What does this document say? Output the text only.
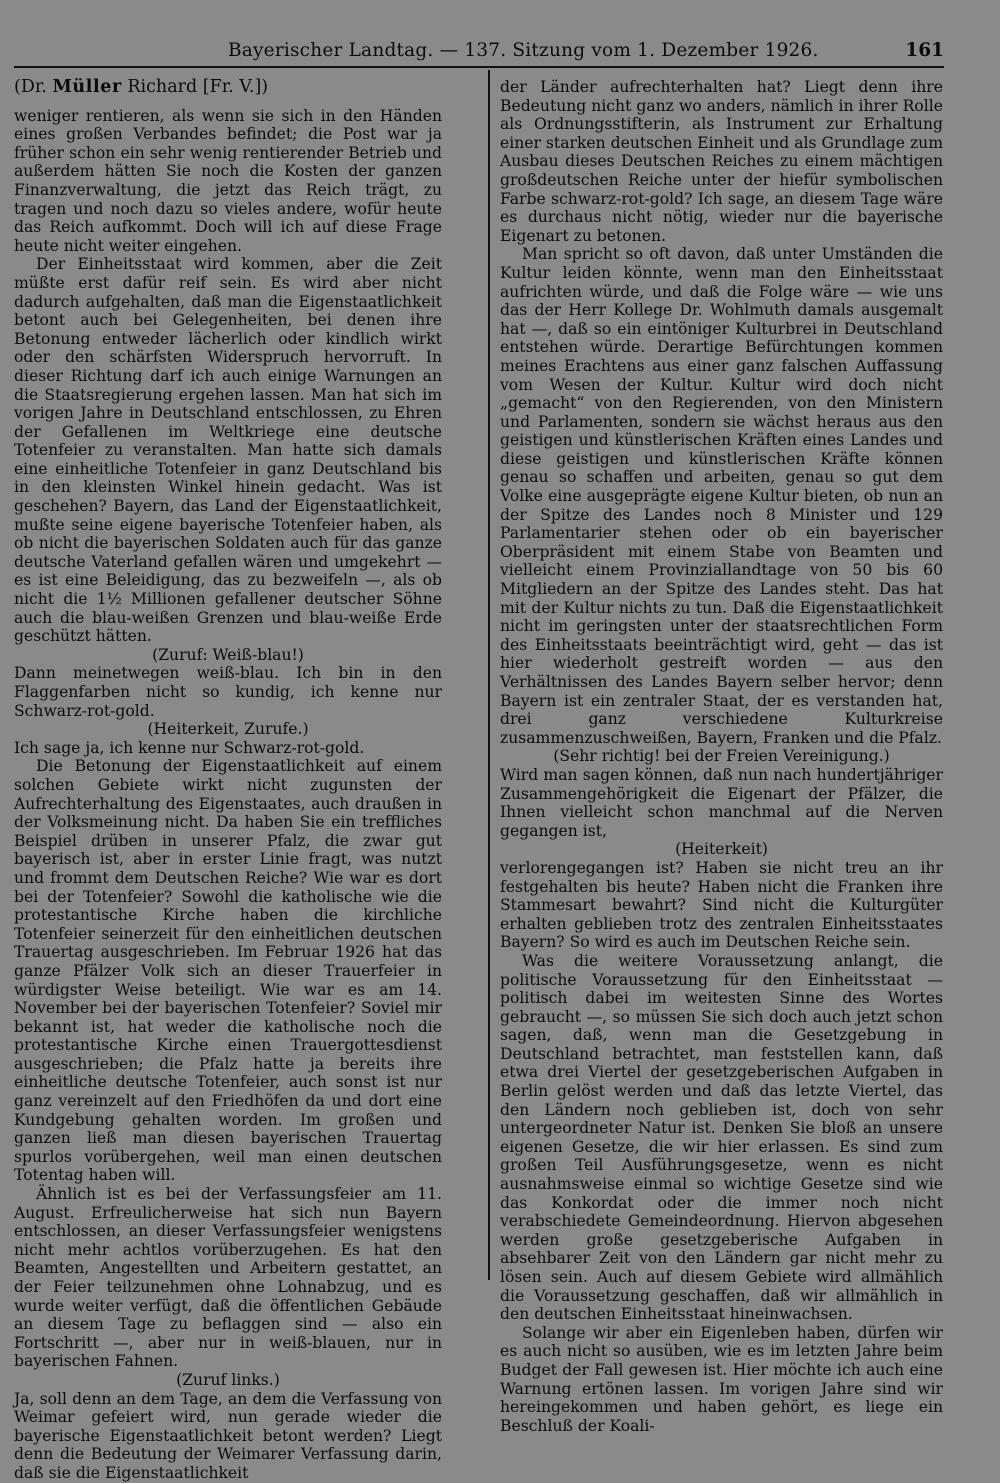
Bayerischer Landtag. — 137. Sitzung vom 1. Dezember 1926.	161

(Dr. Müller Richard [Fr. V.])

weniger rentieren, als wenn sie sich in den Händen eines großen Verbandes befindet; die Post war ja früher schon ein sehr wenig rentierender Betrieb und außerdem hätten Sie noch die Kosten der ganzen Finanzverwaltung, die jetzt das Reich trägt, zu tragen und noch dazu so vieles andere, wofür heute das Reich aufkommt. Doch will ich auf diese Frage heute nicht weiter eingehen.

Der Einheitsstaat wird kommen, aber die Zeit müßte erst dafür reif sein. Es wird aber nicht dadurch aufgehalten, daß man die Eigenstaatlichkeit betont auch bei Gelegenheiten, bei denen ihre Betonung entweder lächerlich oder kindlich wirkt oder den schärfsten Widerspruch hervorruft. In dieser Richtung darf ich auch einige Warnungen an die Staatsregierung ergehen lassen. Man hat sich im vorigen Jahre in Deutschland entschlossen, zu Ehren der Gefallenen im Weltkriege eine deutsche Totenfeier zu veranstalten. Man hatte sich damals eine einheitliche Totenfeier in ganz Deutschland bis in den kleinsten Winkel hinein gedacht. Was ist geschehen? Bayern, das Land der Eigenstaatlichkeit, mußte seine eigene bayerische Totenfeier haben, als ob nicht die bayerischen Soldaten auch für das ganze deutsche Vaterland gefallen wären und umgekehrt — es ist eine Beleidigung, das zu bezweifeln —, als ob nicht die 1½ Millionen gefallener deutscher Söhne auch die blau-weißen Grenzen und blau-weiße Erde geschützt hätten.

(Zuruf: Weiß-blau!)

Dann meinetwegen weiß-blau. Ich bin in den Flaggenfarben nicht so kundig, ich kenne nur Schwarz-rot-gold.

(Heiterkeit, Zurufe.)

Ich sage ja, ich kenne nur Schwarz-rot-gold.

Die Betonung der Eigenstaatlichkeit auf einem solchen Gebiete wirkt nicht zugunsten der Aufrechterhaltung des Eigenstaates, auch draußen in der Volksmeinung nicht. Da haben Sie ein treffliches Beispiel drüben in unserer Pfalz, die zwar gut bayerisch ist, aber in erster Linie fragt, was nutzt und frommt dem Deutschen Reiche? Wie war es dort bei der Totenfeier? Sowohl die katholische wie die protestantische Kirche haben die kirchliche Totenfeier seinerzeit für den einheitlichen deutschen Trauertag ausgeschrieben. Im Februar 1926 hat das ganze Pfälzer Volk sich an dieser Trauerfeier in würdigster Weise beteiligt. Wie war es am 14. November bei der bayerischen Totenfeier? Soviel mir bekannt ist, hat weder die katholische noch die protestantische Kirche einen Trauergottesdienst ausgeschrieben; die Pfalz hatte ja bereits ihre einheitliche deutsche Totenfeier, auch sonst ist nur ganz vereinzelt auf den Friedhöfen da und dort eine Kundgebung gehalten worden. Im großen und ganzen ließ man diesen bayerischen Trauertag spurlos vorübergehen, weil man einen deutschen Totentag haben will.

Ähnlich ist es bei der Verfassungsfeier am 11. August. Erfreulicherweise hat sich nun Bayern entschlossen, an dieser Verfassungsfeier wenigstens nicht mehr achtlos vorüberzugehen. Es hat den Beamten, Angestellten und Arbeitern gestattet, an der Feier teilzunehmen ohne Lohnabzug, und es wurde weiter verfügt, daß die öffentlichen Gebäude an diesem Tage zu beflaggen sind — also ein Fortschritt —, aber nur in weiß-blauen, nur in bayerischen Fahnen.

(Zuruf links.)

Ja, soll denn an dem Tage, an dem die Verfassung von Weimar gefeiert wird, nun gerade wieder die bayerische Eigenstaatlichkeit betont werden? Liegt denn die Bedeutung der Weimarer Verfassung darin, daß sie die Eigenstaatlichkeit

der Länder aufrechterhalten hat? Liegt denn ihre Bedeutung nicht ganz wo anders, nämlich in ihrer Rolle als Ordnungsstifterin, als Instrument zur Erhaltung einer starken deutschen Einheit und als Grundlage zum Ausbau dieses Deutschen Reiches zu einem mächtigen großdeutschen Reiche unter der hiefür symbolischen Farbe schwarz-rot-gold? Ich sage, an diesem Tage wäre es durchaus nicht nötig, wieder nur die bayerische Eigenart zu betonen.

Man spricht so oft davon, daß unter Umständen die Kultur leiden könnte, wenn man den Einheitsstaat aufrichten würde, und daß die Folge wäre — wie uns das der Herr Kollege Dr. Wohlmuth damals ausgemalt hat —, daß so ein eintöniger Kulturbrei in Deutschland entstehen würde. Derartige Befürchtungen kommen meines Erachtens aus einer ganz falschen Auffassung vom Wesen der Kultur. Kultur wird doch nicht „gemacht“ von den Regierenden, von den Ministern und Parlamenten, sondern sie wächst heraus aus den geistigen und künstlerischen Kräften eines Landes und diese geistigen und künstlerischen Kräfte können genau so schaffen und arbeiten, genau so gut dem Volke eine ausgeprägte eigene Kultur bieten, ob nun an der Spitze des Landes noch 8 Minister und 129 Parlamentarier stehen oder ob ein bayerischer Oberpräsident mit einem Stabe von Beamten und vielleicht einem Provinziallandtage von 50 bis 60 Mitgliedern an der Spitze des Landes steht. Das hat mit der Kultur nichts zu tun. Daß die Eigenstaatlichkeit nicht im geringsten unter der staatsrechtlichen Form des Einheitsstaats beeinträchtigt wird, geht — das ist hier wiederholt gestreift worden — aus den Verhältnissen des Landes Bayern selber hervor; denn Bayern ist ein zentraler Staat, der es verstanden hat, drei ganz verschiedene Kulturkreise zusammenzuschweißen, Bayern, Franken und die Pfalz.

(Sehr richtig! bei der Freien Vereinigung.)

Wird man sagen können, daß nun nach hundertjähriger Zusammengehörigkeit die Eigenart der Pfälzer, die Ihnen vielleicht schon manchmal auf die Nerven gegangen ist,

(Heiterkeit)

verlorengegangen ist? Haben sie nicht treu an ihr festgehalten bis heute? Haben nicht die Franken ihre Stammesart bewahrt? Sind nicht die Kulturgüter erhalten geblieben trotz des zentralen Einheitsstaates Bayern? So wird es auch im Deutschen Reiche sein.

Was die weitere Voraussetzung anlangt, die politische Voraussetzung für den Einheitsstaat — politisch dabei im weitesten Sinne des Wortes gebraucht —, so müssen Sie sich doch auch jetzt schon sagen, daß, wenn man die Gesetzgebung in Deutschland betrachtet, man feststellen kann, daß etwa drei Viertel der gesetzgeberischen Aufgaben in Berlin gelöst werden und daß das letzte Viertel, das den Ländern noch geblieben ist, doch von sehr untergeordneter Natur ist. Denken Sie bloß an unsere eigenen Gesetze, die wir hier erlassen. Es sind zum großen Teil Ausführungsgesetze, wenn es nicht ausnahmsweise einmal so wichtige Gesetze sind wie das Konkordat oder die immer noch nicht verabschiedete Gemeindeordnung. Hiervon abgesehen werden große gesetzgeberische Aufgaben in absehbarer Zeit von den Ländern gar nicht mehr zu lösen sein. Auch auf diesem Gebiete wird allmählich die Voraussetzung geschaffen, daß wir allmählich in den deutschen Einheitsstaat hineinwachsen.

Solange wir aber ein Eigenleben haben, dürfen wir es auch nicht so ausüben, wie es im letzten Jahre beim Budget der Fall gewesen ist. Hier möchte ich auch eine Warnung ertönen lassen. Im vorigen Jahre sind wir hereingekommen und haben gehört, es liege ein Beschluß der Koali-
